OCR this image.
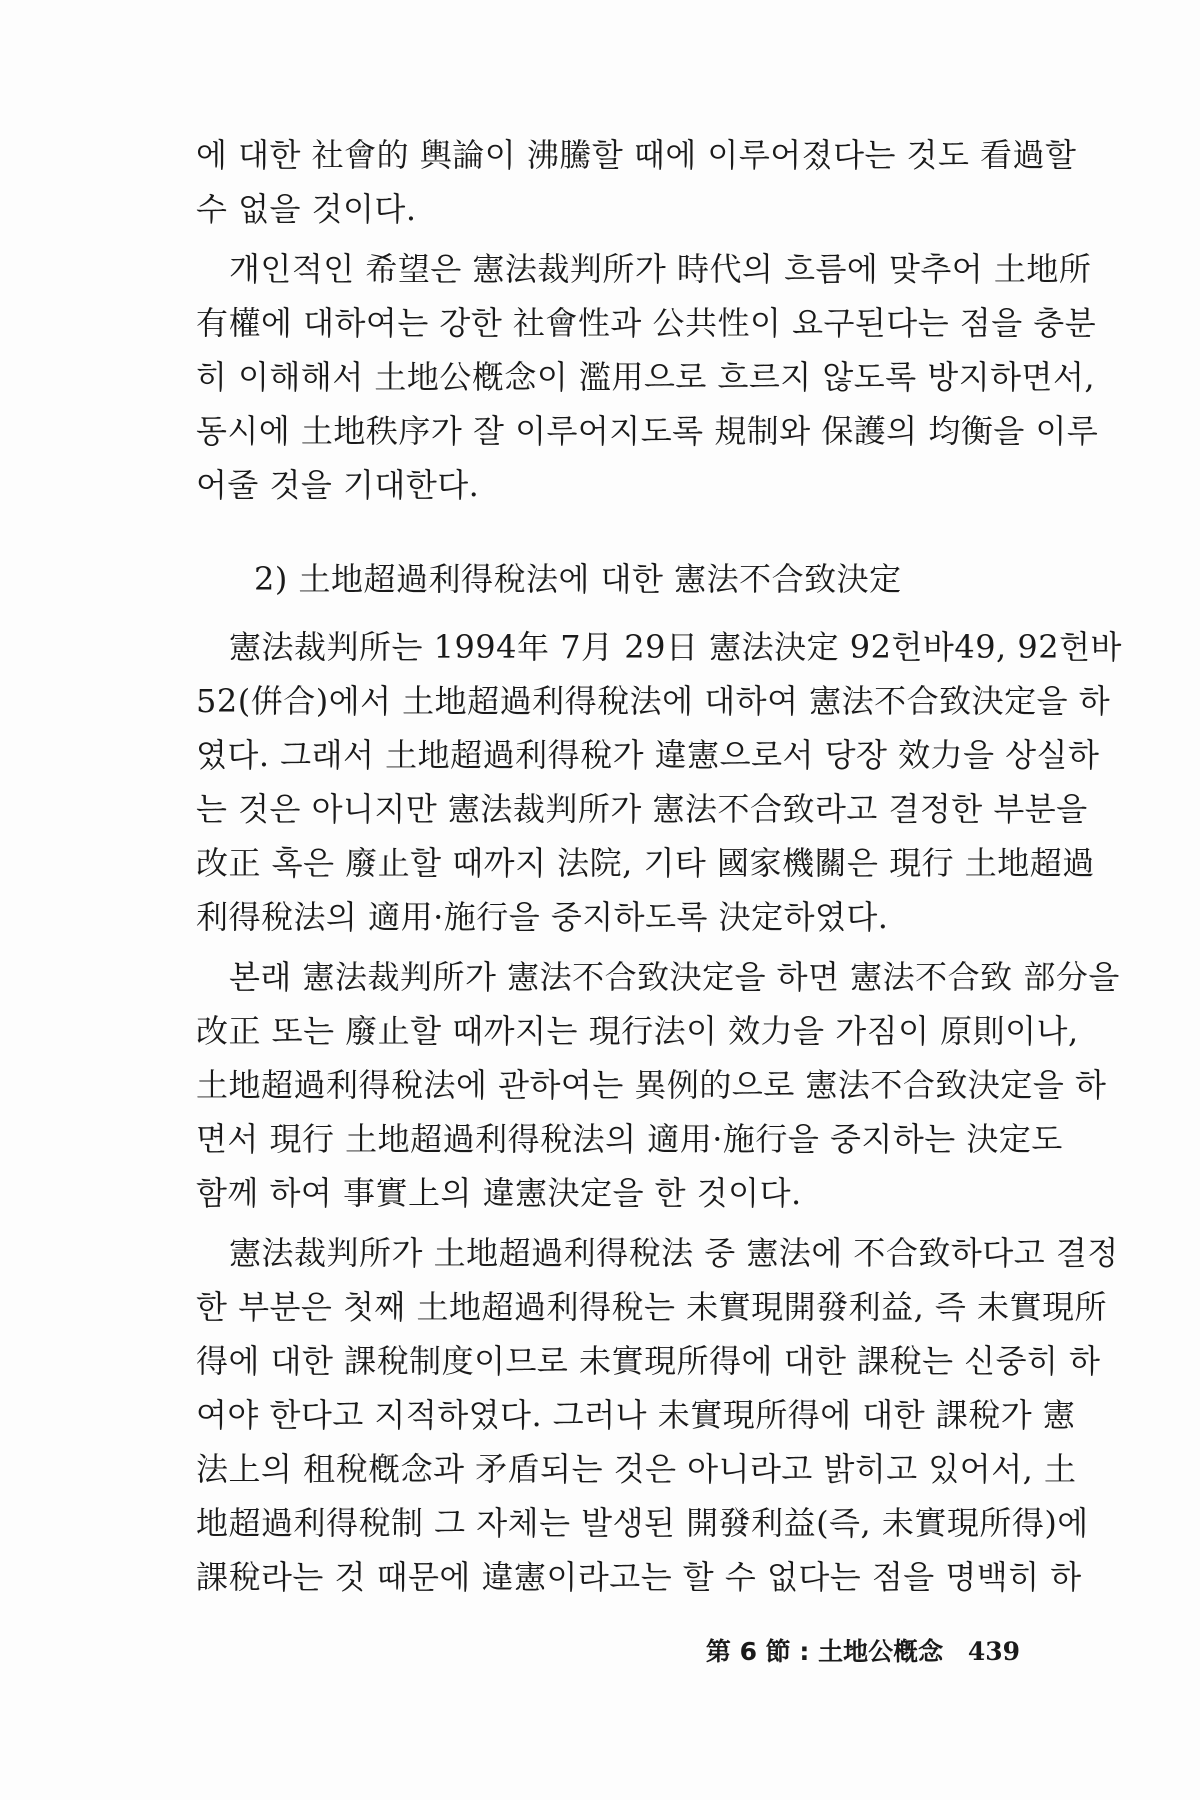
에 대한 社會的 輿論이 沸騰할 때에 이루어졌다는 것도 看過할
수 없을 것이다.
개인적인 希望은 憲法裁判所가 時代의 흐름에 맞추어 土地所
有權에 대하여는 강한 社會性과 公共性이 요구된다는 점을 충분
히 이해해서 土地公槪念이 濫用으로 흐르지 않도록 방지하면서,
동시에 土地秩序가 잘 이루어지도록 規制와 保護의 均衡을 이루
어줄 것을 기대한다.
2) 土地超過利得稅法에 대한 憲法不合致決定
憲法裁判所는 1994年 7月 29日 憲法決定 92헌바49, 92헌바
52(倂合)에서 土地超過利得稅法에 대하여 憲法不合致決定을 하
였다. 그래서 土地超過利得稅가 違憲으로서 당장 效力을 상실하
는 것은 아니지만 憲法裁判所가 憲法不合致라고 결정한 부분을
改正 혹은 廢止할 때까지 法院, 기타 國家機關은 現行 土地超過
利得稅法의 適用·施行을 중지하도록 決定하였다.
본래 憲法裁判所가 憲法不合致決定을 하면 憲法不合致 部分을
改正 또는 廢止할 때까지는 現行法이 效力을 가짐이 原則이나,
土地超過利得稅法에 관하여는 異例的으로 憲法不合致決定을 하
면서 現行 土地超過利得稅法의 適用·施行을 중지하는 決定도
함께 하여 事實上의 違憲決定을 한 것이다.
憲法裁判所가 土地超過利得稅法 중 憲法에 不合致하다고 결정
한 부분은 첫째 土地超過利得稅는 未實現開發利益, 즉 未實現所
得에 대한 課稅制度이므로 未實現所得에 대한 課稅는 신중히 하
여야 한다고 지적하였다. 그러나 未實現所得에 대한 課稅가 憲
法上의 租稅槪念과 矛盾되는 것은 아니라고 밝히고 있어서, 土
地超過利得稅制 그 자체는 발생된 開發利益(즉, 未實現所得)에
課稅라는 것 때문에 違憲이라고는 할 수 없다는 점을 명백히 하
第 6 節 : 土地公槪念 439
